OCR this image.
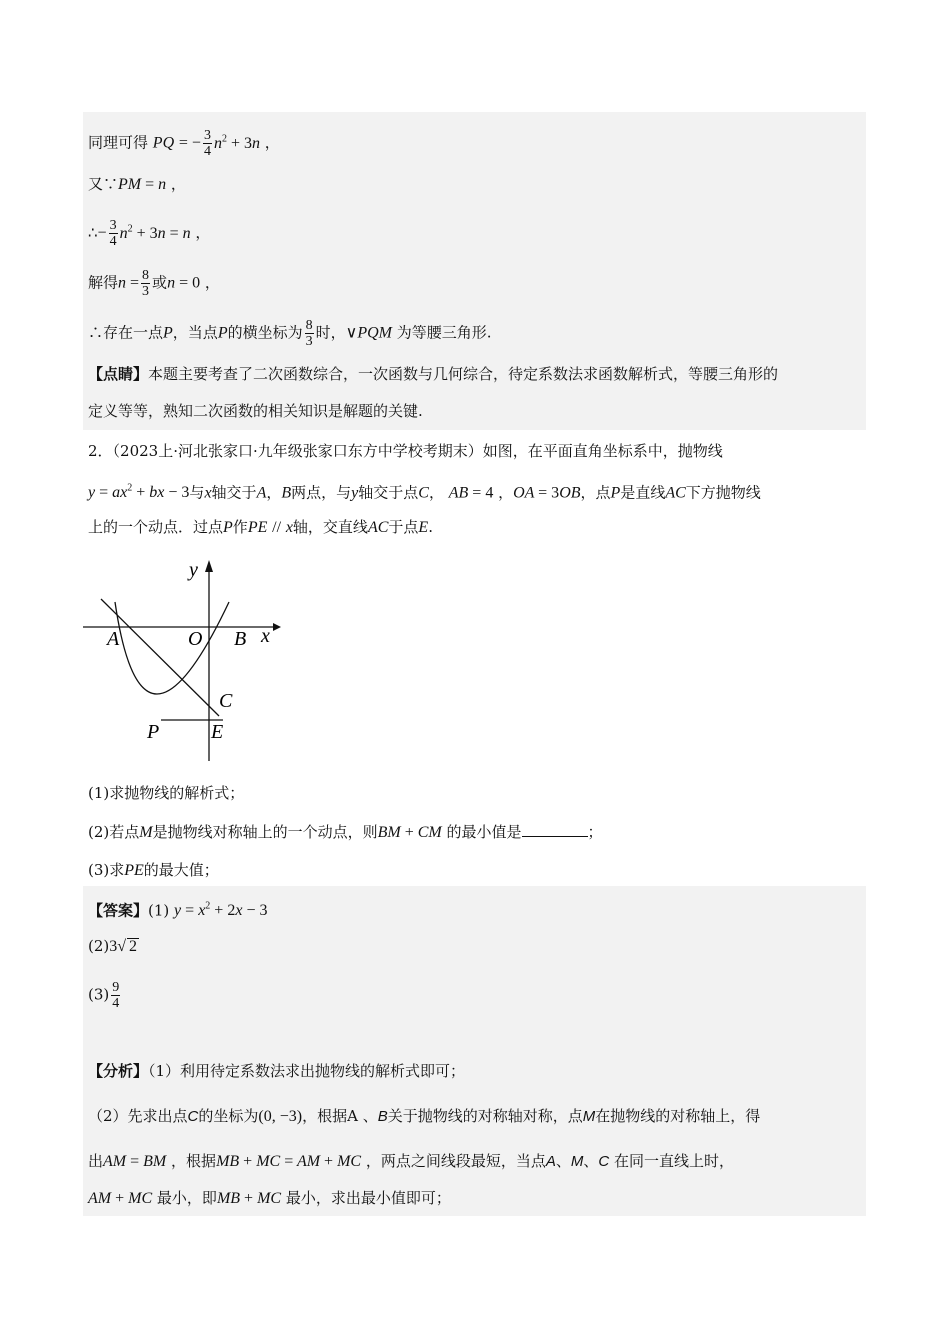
同理可得 PQ = − $\frac{3}{4} n^2 + 3n$ ，
又∵PM = n ，
∴− $\frac{3}{4} n^2 + 3n = n$ ，
解得$n = \frac{8}{3}$ 或n = 0 ，
∴存在一点P，当点P的横坐标为 $\frac{8}{3}$ 时，∨PQM 为等腰三角形.
【点睛】本题主要考查了二次函数综合，一次函数与几何综合，待定系数法求函数解析式，等腰三角形的
定义等等，熟知二次函数的相关知识是解题的关键.
2．（2023上·河北张家口·九年级张家口东方中学校考期末）如图，在平面直角坐标系中，抛物线
$y = ax^2$ + bx − 3与x轴交于A，B两点，与y轴交于点C， AB = 4 ，OA = 3OB，点P是直线AC下方抛物线
上的一个动点．过点P作PE // x轴，交直线AC于点E.
y
x
A	O B
C
P	E
(1)求抛物线的解析式；
(2)若点M是抛物线对称轴上的一个动点，则BM + CM 的最小值是	；
(3)求PE的最大值；
【答案】(1) $y = x^2 + 2x - 3$
(2)3√ 2
$(3) \frac{9}{4}$
【分析】（1）利用待定系数法求出抛物线的解析式即可；
（2）先求出点C的坐标为(0, −3)，根据A 、B关于抛物线的对称轴对称，点M在抛物线的对称轴上，得
出AM = BM ，根据MB + MC = AM + MC ，两点之间线段最短，当点A、M、C 在同一直线上时，
AM + MC 最小，即MB + MC 最小，求出最小值即可；
